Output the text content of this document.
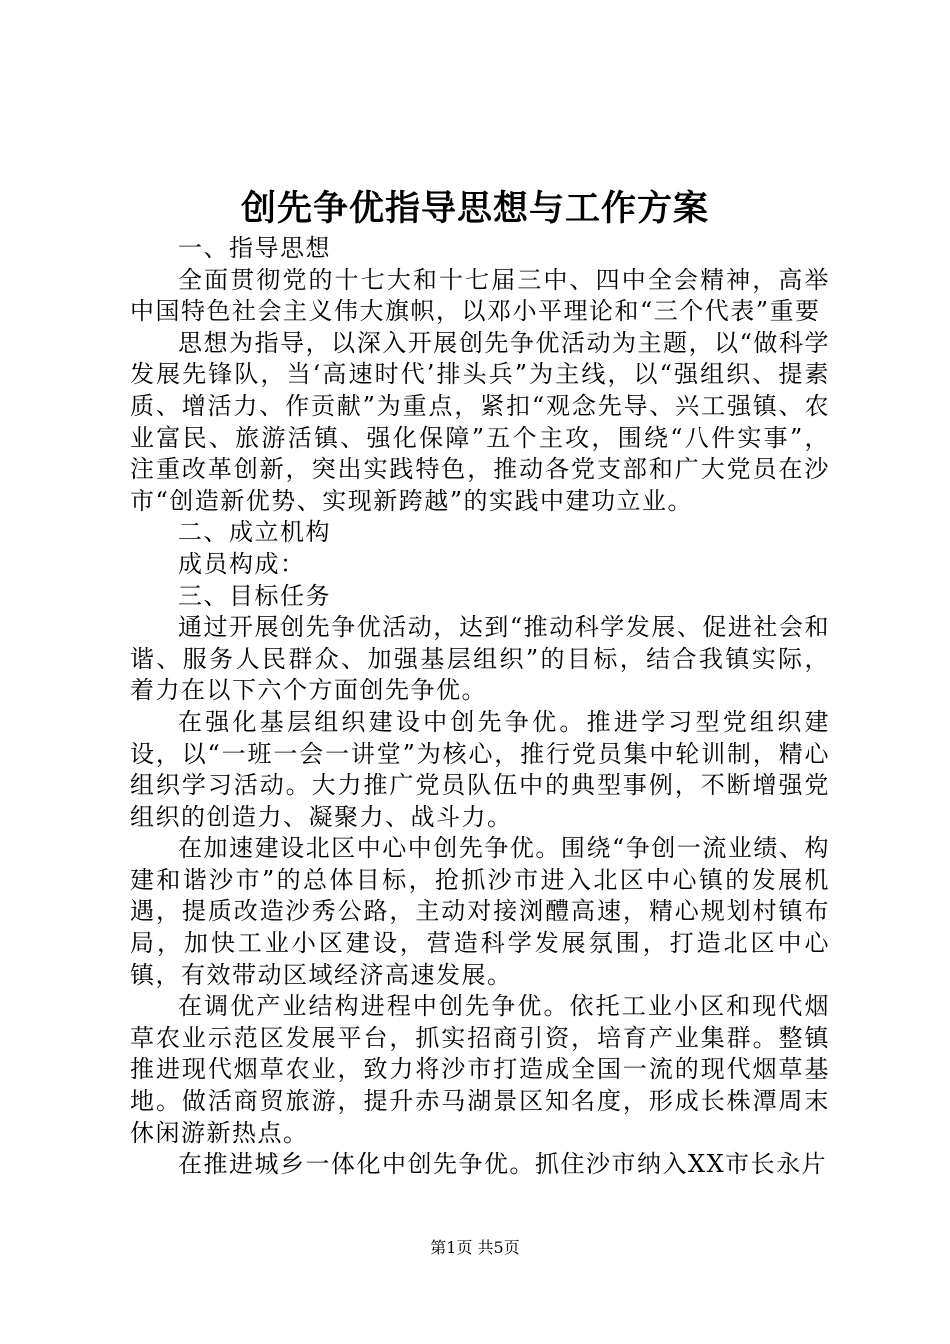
创先争优指导思想与工作方案

一、指导思想

全面贯彻党的十七大和十七届三中、四中全会精神，高举中国特色社会主义伟大旗帜，以邓小平理论和“三个代表”重要

思想为指导，以深入开展创先争优活动为主题，以“做科学发展先锋队，当‘高速时代’排头兵”为主线，以“强组织、提素质、增活力、作贡献”为重点，紧扣“观念先导、兴工强镇、农业富民、旅游活镇、强化保障”五个主攻，围绕“八件实事”，注重改革创新，突出实践特色，推动各党支部和广大党员在沙市“创造新优势、实现新跨越”的实践中建功立业。

二、成立机构

成员构成：

三、目标任务

通过开展创先争优活动，达到“推动科学发展、促进社会和谐、服务人民群众、加强基层组织”的目标，结合我镇实际，着力在以下六个方面创先争优。

在强化基层组织建设中创先争优。推进学习型党组织建设，以“一班一会一讲堂”为核心，推行党员集中轮训制，精心组织学习活动。大力推广党员队伍中的典型事例，不断增强党组织的创造力、凝聚力、战斗力。

在加速建设北区中心中创先争优。围绕“争创一流业绩、构建和谐沙市”的总体目标，抢抓沙市进入北区中心镇的发展机遇，提质改造沙秀公路，主动对接浏醴高速，精心规划村镇布局，加快工业小区建设，营造科学发展氛围，打造北区中心镇，有效带动区域经济高速发展。

在调优产业结构进程中创先争优。依托工业小区和现代烟草农业示范区发展平台，抓实招商引资，培育产业集群。整镇推进现代烟草农业，致力将沙市打造成全国一流的现代烟草基地。做活商贸旅游，提升赤马湖景区知名度，形成长株潭周末休闲游新热点。

在推进城乡一体化中创先争优。抓住沙市纳入XX市长永片

第1页 共5页
